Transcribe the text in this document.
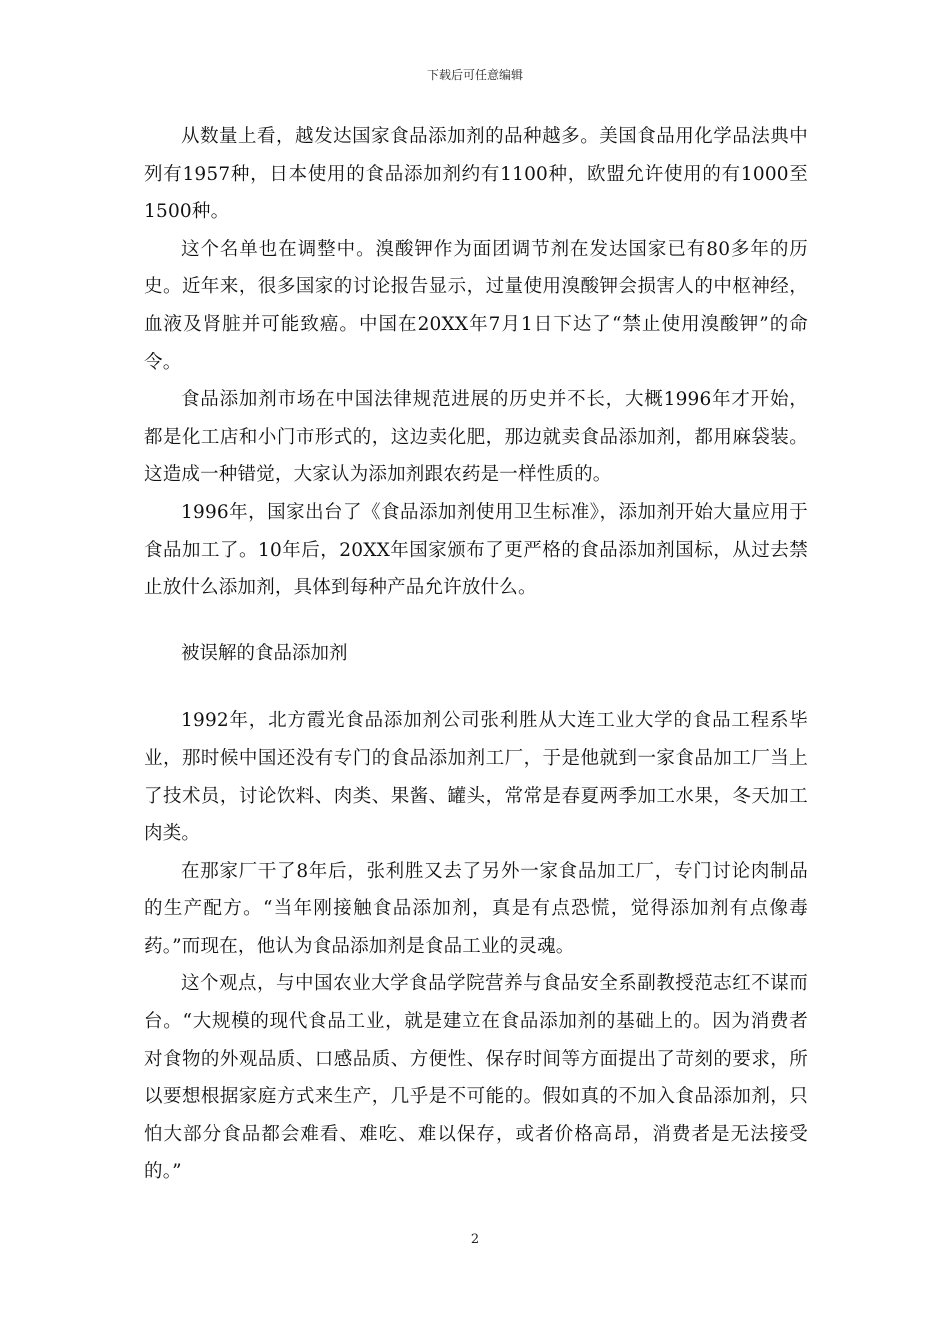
下载后可任意编辑

从数量上看，越发达国家食品添加剂的品种越多。美国食品用化学品法典中列有1957种，日本使用的食品添加剂约有1100种，欧盟允许使用的有1000至1500种。

这个名单也在调整中。溴酸钾作为面团调节剂在发达国家已有80多年的历史。近年来，很多国家的讨论报告显示，过量使用溴酸钾会损害人的中枢神经，血液及肾脏并可能致癌。中国在20XX年7月1日下达了“禁止使用溴酸钾”的命令。

食品添加剂市场在中国法律规范进展的历史并不长，大概1996年才开始，都是化工店和小门市形式的，这边卖化肥，那边就卖食品添加剂，都用麻袋装。这造成一种错觉，大家认为添加剂跟农药是一样性质的。

1996年，国家出台了《食品添加剂使用卫生标准》，添加剂开始大量应用于食品加工了。10年后，20XX年国家颁布了更严格的食品添加剂国标，从过去禁止放什么添加剂，具体到每种产品允许放什么。

被误解的食品添加剂

1992年，北方霞光食品添加剂公司张利胜从大连工业大学的食品工程系毕业，那时候中国还没有专门的食品添加剂工厂，于是他就到一家食品加工厂当上了技术员，讨论饮料、肉类、果酱、罐头，常常是春夏两季加工水果，冬天加工肉类。

在那家厂干了8年后，张利胜又去了另外一家食品加工厂，专门讨论肉制品的生产配方。“当年刚接触食品添加剂，真是有点恐慌，觉得添加剂有点像毒药。”而现在，他认为食品添加剂是食品工业的灵魂。

这个观点，与中国农业大学食品学院营养与食品安全系副教授范志红不谋而台。“大规模的现代食品工业，就是建立在食品添加剂的基础上的。因为消费者对食物的外观品质、口感品质、方便性、保存时间等方面提出了苛刻的要求，所以要想根据家庭方式来生产，几乎是不可能的。假如真的不加入食品添加剂，只怕大部分食品都会难看、难吃、难以保存，或者价格高昂，消费者是无法接受的。”

2
